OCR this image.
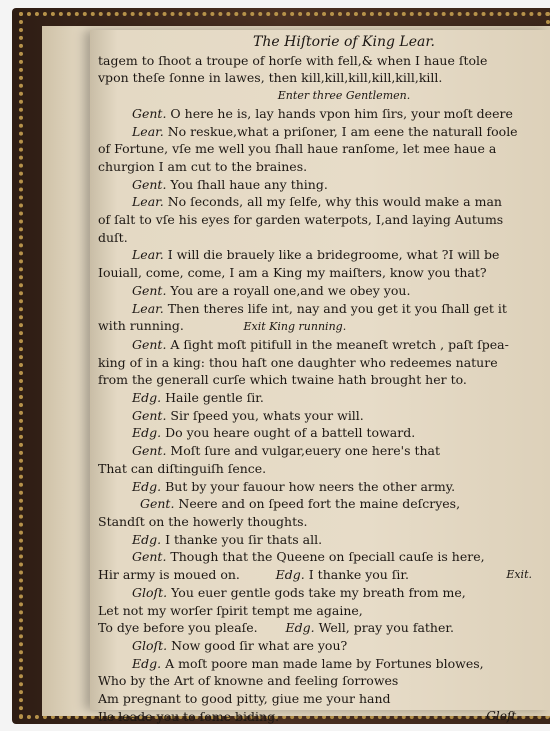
The Hiſtorie of King Lear.
tagem to ſhoot a troupe of horſe with fell,& when I haue ſtole
vpon theſe ſonne in lawes, then kill,kill,kill,kill,kill,kill.
Enter three Gentlemen.
Gent. O here he is, lay hands vpon him ſirs, your moſt deere
Lear. No reskue,what a priſoner, I am eene the naturall foole
of Fortune, vſe me well you ſhall haue ranſome, let mee haue a
churgion I am cut to the braines.
Gent. You ſhall haue any thing.
Lear. No ſeconds, all my ſelfe, why this would make a man
of ſalt to vſe his eyes for garden waterpots, I,and laying Autums
duſt.
Lear. I will die brauely like a bridegroome, what ?I will be
Iouiall, come, come, I am a King my maiſters, know you that?
Gent. You are a royall one,and we obey you.
Lear. Then theres life int, nay and you get it you ſhall get it
with running.	Exit King running.
Gent. A ſight moſt pitifull in the meaneſt wretch , paſt ſpea-
king of in a king: thou haſt one daughter who redeemes nature
from the generall curſe which twaine hath brought her to.
Edg. Haile gentle ſir.
Gent. Sir ſpeed you, whats your will.
Edg. Do you heare ought of a battell toward.
Gent. Moſt ſure and vulgar,euery one here's that
That can diſtinguiſh ſence.
Edg. But by your fauour how neers the other army.
Gent. Neere and on ſpeed fort the maine deſcryes,
Standſt on the howerly thoughts.
Edg. I thanke you ſir thats all.
Gent. Though that the Queene on ſpeciall cauſe is here,
Exit.
Hir army is moued on.	Edg. I thanke you ſir.
Gloſt. You euer gentle gods take my breath from me,
Let not my worſer ſpirit tempt me againe,
To dye before you pleaſe. Edg. Well, pray you father.
Gloſt. Now good ſir what are you?
Edg. A moſt poore man made lame by Fortunes blowes,
Who by the Art of knowne and feeling ſorrowes
Am pregnant to good pitty, giue me your hand
Gloſt.
Ile leade you to ſome biding.
